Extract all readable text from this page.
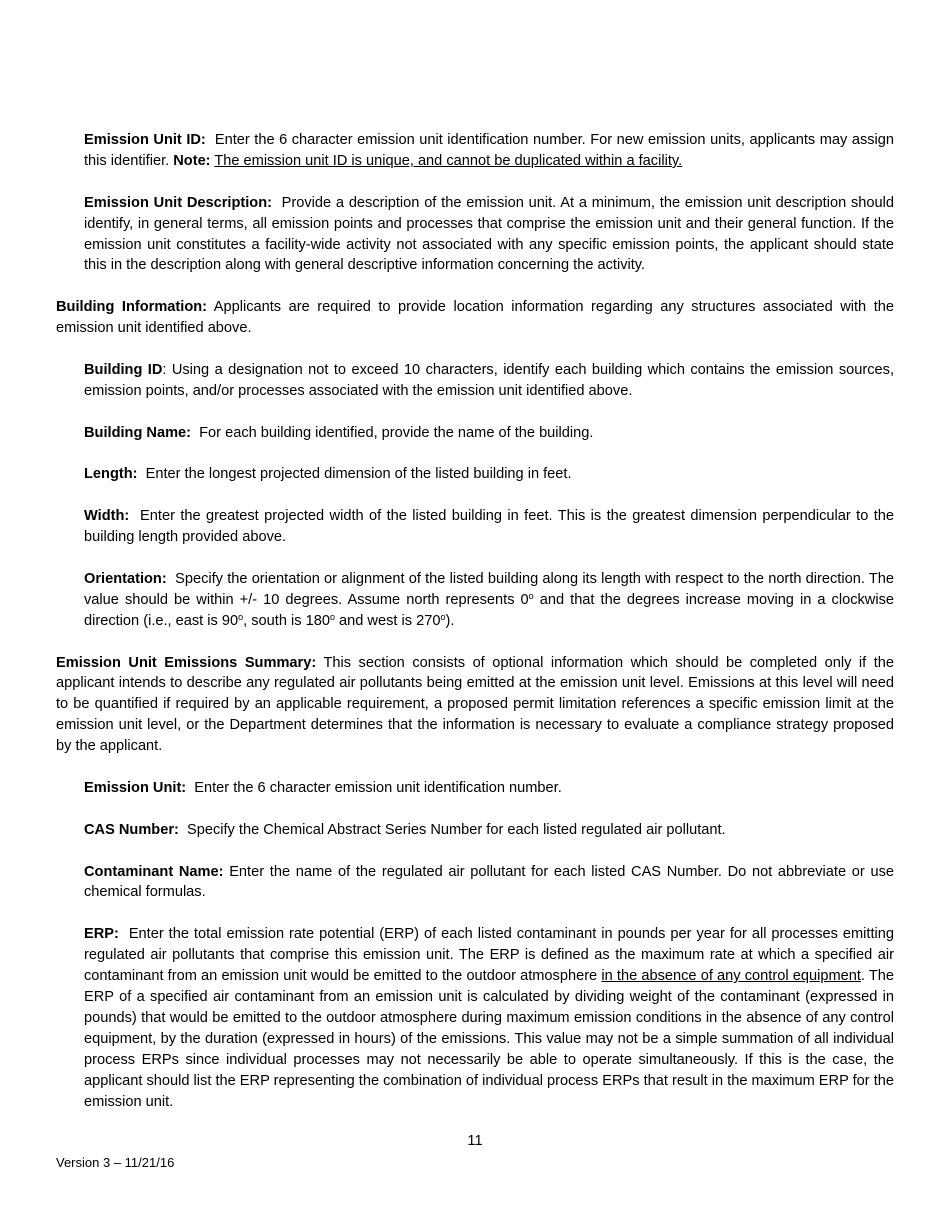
Emission Unit ID: Enter the 6 character emission unit identification number. For new emission units, applicants may assign this identifier. Note: The emission unit ID is unique, and cannot be duplicated within a facility.

Emission Unit Description: Provide a description of the emission unit. At a minimum, the emission unit description should identify, in general terms, all emission points and processes that comprise the emission unit and their general function. If the emission unit constitutes a facility-wide activity not associated with any specific emission points, the applicant should state this in the description along with general descriptive information concerning the activity.

Building Information: Applicants are required to provide location information regarding any structures associated with the emission unit identified above.

Building ID: Using a designation not to exceed 10 characters, identify each building which contains the emission sources, emission points, and/or processes associated with the emission unit identified above.

Building Name: For each building identified, provide the name of the building.

Length: Enter the longest projected dimension of the listed building in feet.

Width: Enter the greatest projected width of the listed building in feet. This is the greatest dimension perpendicular to the building length provided above.

Orientation: Specify the orientation or alignment of the listed building along its length with respect to the north direction. The value should be within +/- 10 degrees. Assume north represents 0$^o$ and that the degrees increase moving in a clockwise direction (i.e., east is 90$^o$, south is 180$^o$ and west is 270$^o$).

Emission Unit Emissions Summary: This section consists of optional information which should be completed only if the applicant intends to describe any regulated air pollutants being emitted at the emission unit level. Emissions at this level will need to be quantified if required by an applicable requirement, a proposed permit limitation references a specific emission limit at the emission unit level, or the Department determines that the information is necessary to evaluate a compliance strategy proposed by the applicant.

Emission Unit: Enter the 6 character emission unit identification number.

CAS Number: Specify the Chemical Abstract Series Number for each listed regulated air pollutant.

Contaminant Name: Enter the name of the regulated air pollutant for each listed CAS Number. Do not abbreviate or use chemical formulas.

ERP: Enter the total emission rate potential (ERP) of each listed contaminant in pounds per year for all processes emitting regulated air pollutants that comprise this emission unit. The ERP is defined as the maximum rate at which a specified air contaminant from an emission unit would be emitted to the outdoor atmosphere in the absence of any control equipment. The ERP of a specified air contaminant from an emission unit is calculated by dividing weight of the contaminant (expressed in pounds) that would be emitted to the outdoor atmosphere during maximum emission conditions in the absence of any control equipment, by the duration (expressed in hours) of the emissions. This value may not be a simple summation of all individual process ERPs since individual processes may not necessarily be able to operate simultaneously. If this is the case, the applicant should list the ERP representing the combination of individual process ERPs that result in the maximum ERP for the emission unit.

11
Version 3 – 11/21/16
